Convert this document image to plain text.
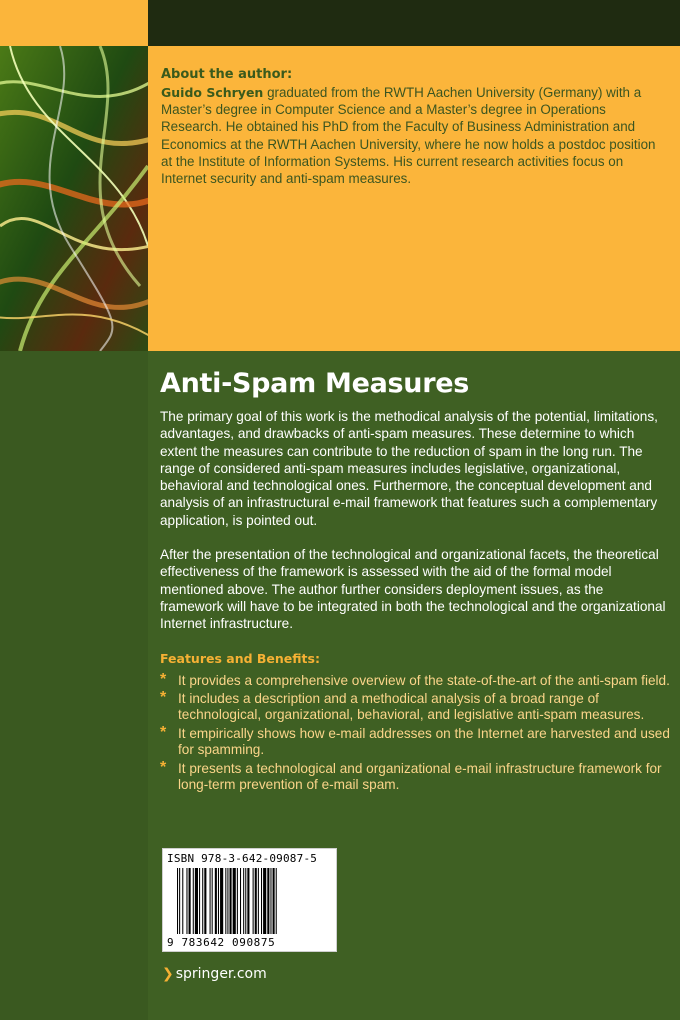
About the author:

Guido Schryen graduated from the RWTH Aachen University (Germany) with a Master’s degree in Computer Science and a Master’s degree in Operations Research. He obtained his PhD from the Faculty of Business Administration and Economics at the RWTH Aachen University, where he now holds a postdoc position at the Institute of Information Systems. His current research activities focus on Internet security and anti-spam measures.

Anti-Spam Measures

The primary goal of this work is the methodical analysis of the potential, limitations, advantages, and drawbacks of anti-spam measures. These determine to which extent the measures can contribute to the reduction of spam in the long run. The range of considered anti-spam measures includes legislative, organizational, behavioral and technological ones. Furthermore, the conceptual development and analysis of an infrastructural e-mail framework that features such a complementary application, is pointed out.

After the presentation of the technological and organizational facets, the theoretical effectiveness of the framework is assessed with the aid of the formal model mentioned above. The author further considers deployment issues, as the framework will have to be integrated in both the technological and the organizational Internet infrastructure.

Features and Benefits:
* It provides a comprehensive overview of the state-of-the-art of the anti-spam field.
* It includes a description and a methodical analysis of a broad range of technological, organizational, behavioral, and legislative anti-spam measures.
* It empirically shows how e-mail addresses on the Internet are harvested and used for spamming.
* It presents a technological and organizational e-mail infrastructure framework for long-term prevention of e-mail spam.
ISBN 978-3-642-09087-5
9 783642 090875
❯ springer.com
